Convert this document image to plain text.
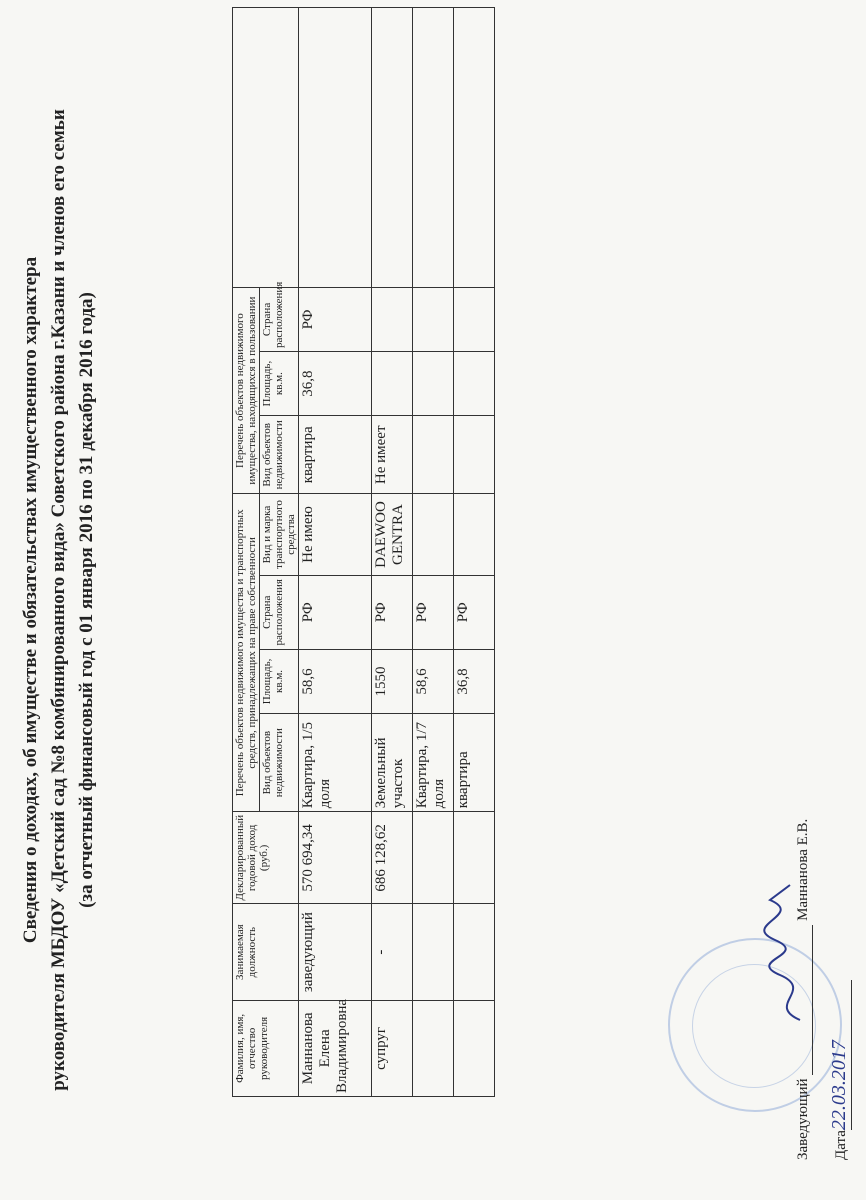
Сведения о доходах, об имуществе и обязательствах имущественного характера руководителя МБДОУ «Детский сад №8 комбинированного вида» Советского района г.Казани и членов его семьи (за отчетный финансовый год с 01 января 2016 по 31 декабря 2016 года)
Фамилия, имя, отчество руководителя	Занимаемая должность	Декларированный годовой доход (руб.)	Перечень объектов недвижимого имущества и транспортных средств, принадлежащих на праве собственности				Перечень объектов недвижимого имущества, находящихся в пользовании			
			Вид объектов недвижимости	Площадь, кв.м.	Страна расположения	Вид и марка транспортного средства	Вид объектов недвижимости	Площадь, кв.м.	Страна расположения	
Маннанова Елена Владимировна	заведующий	570 694,34	Квартира, 1/5 доля	58,6	РФ	Не имею	квартира	36,8	РФ	
супруг	-	686 128,62	Земельный участок	1550	РФ	DAEWOO GENTRA	Не имеет			
			Квартира, 1/7 доля	58,6	РФ					
			квартира	36,8	РФ					
Заведующий   Маннанова Е.В.
Дата22.03.2017
